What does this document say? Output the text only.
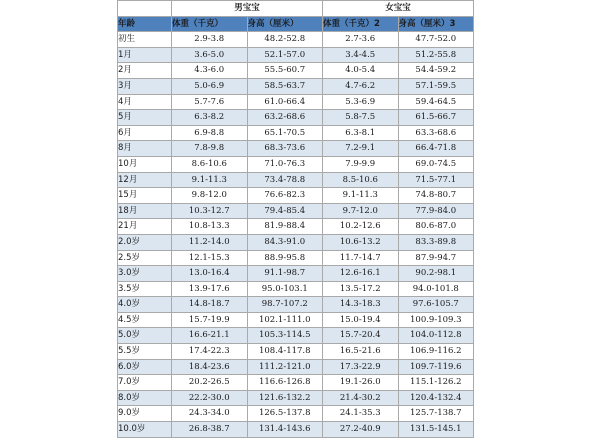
	男宝宝		女宝宝	
年龄	体重（千克）	身高（厘米）	体重（千克）2	身高（厘米）3
初生	2.9-3.8	48.2-52.8	2.7-3.6	47.7-52.0
1月	3.6-5.0	52.1-57.0	3.4-4.5	51.2-55.8
2月	4.3-6.0	55.5-60.7	4.0-5.4	54.4-59.2
3月	5.0-6.9	58.5-63.7	4.7-6.2	57.1-59.5
4月	5.7-7.6	61.0-66.4	5.3-6.9	59.4-64.5
5月	6.3-8.2	63.2-68.6	5.8-7.5	61.5-66.7
6月	6.9-8.8	65.1-70.5	6.3-8.1	63.3-68.6
8月	7.8-9.8	68.3-73.6	7.2-9.1	66.4-71.8
10月	8.6-10.6	71.0-76.3	7.9-9.9	69.0-74.5
12月	9.1-11.3	73.4-78.8	8.5-10.6	71.5-77.1
15月	9.8-12.0	76.6-82.3	9.1-11.3	74.8-80.7
18月	10.3-12.7	79.4-85.4	9.7-12.0	77.9-84.0
21月	10.8-13.3	81.9-88.4	10.2-12.6	80.6-87.0
2.0岁	11.2-14.0	84.3-91.0	10.6-13.2	83.3-89.8
2.5岁	12.1-15.3	88.9-95.8	11.7-14.7	87.9-94.7
3.0岁	13.0-16.4	91.1-98.7	12.6-16.1	90.2-98.1
3.5岁	13.9-17.6	95.0-103.1	13.5-17.2	94.0-101.8
4.0岁	14.8-18.7	98.7-107.2	14.3-18.3	97.6-105.7
4.5岁	15.7-19.9	102.1-111.0	15.0-19.4	100.9-109.3
5.0岁	16.6-21.1	105.3-114.5	15.7-20.4	104.0-112.8
5.5岁	17.4-22.3	108.4-117.8	16.5-21.6	106.9-116.2
6.0岁	18.4-23.6	111.2-121.0	17.3-22.9	109.7-119.6
7.0岁	20.2-26.5	116.6-126.8	19.1-26.0	115.1-126.2
8.0岁	22.2-30.0	121.6-132.2	21.4-30.2	120.4-132.4
9.0岁	24.3-34.0	126.5-137.8	24.1-35.3	125.7-138.7
10.0岁	26.8-38.7	131.4-143.6	27.2-40.9	131.5-145.1
